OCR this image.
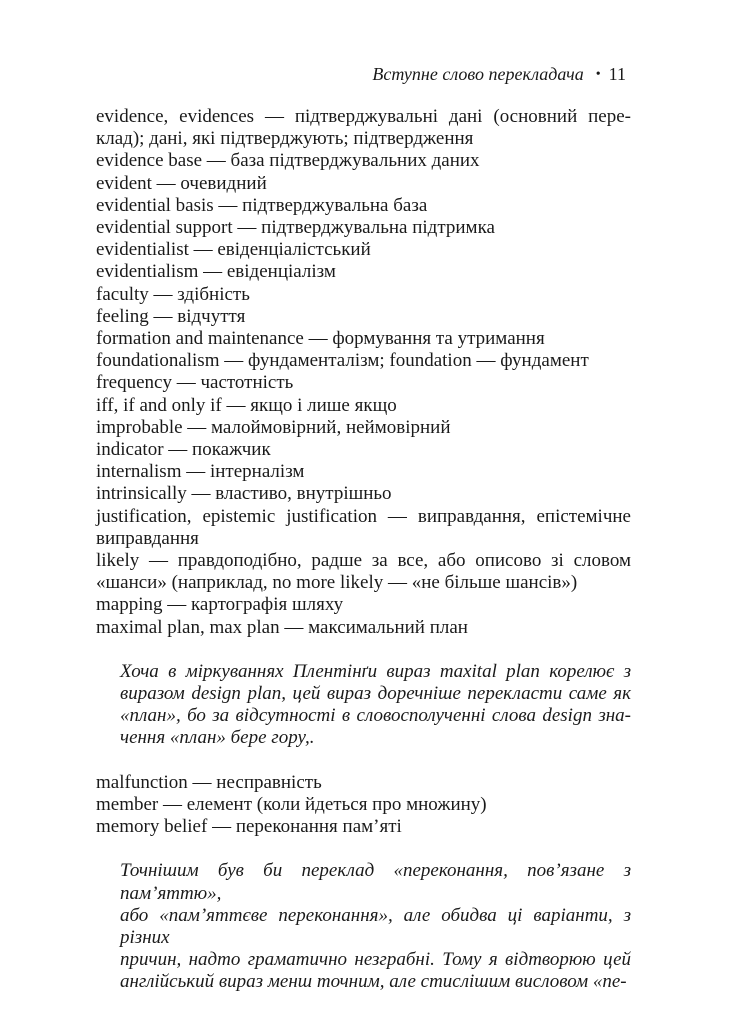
Вступне слово перекладача • 11

evidence, evidences — підтверджувальні дані (основний пере-
клад); дані, які підтверджують; підтвердження

evidence base — база підтверджувальних даних

evident — очевидний

evidential basis — підтверджувальна база

evidential support — підтверджувальна підтримка

evidentialist — евіденціалістський

evidentialism — евіденціалізм

faculty — здібність

feeling — відчуття

formation and maintenance — формування та утримання

foundationalism — фундаменталізм; foundation — фундамент

frequency — частотність

iff, if and only if — якщо і лише якщо

improbable — малоймовірний, неймовірний

indicator — покажчик

internalism — інтерналізм

intrinsically — властиво, внутрішньо

justification, epistemic justification — виправдання, епістемічне
виправдання

likely — правдоподібно, радше за все, або описово зі словом
«шанси» (наприклад, no more likely — «не більше шансів»)

mapping — картографія шляху

maximal plan, max plan — максимальний план

Хоча в міркуваннях Плентінґи вираз maxital plan корелює з
виразом design plan, цей вираз доречніше перекласти саме як
«план», бо за відсутності в словосполученні слова design зна-
чення «план» бере гору,.

malfunction — несправність

member — елемент (коли йдеться про множину)

memory belief — переконання пам’яті

Точнішим був би переклад «переконання, пов’язане з пам’яттю»,
або «пам’яттєве переконання», але обидва ці варіанти, з різних
причин, надто граматично незграбні. Тому я відтворюю цей
англійський вираз менш точним, але стислішим висловом «пе-
